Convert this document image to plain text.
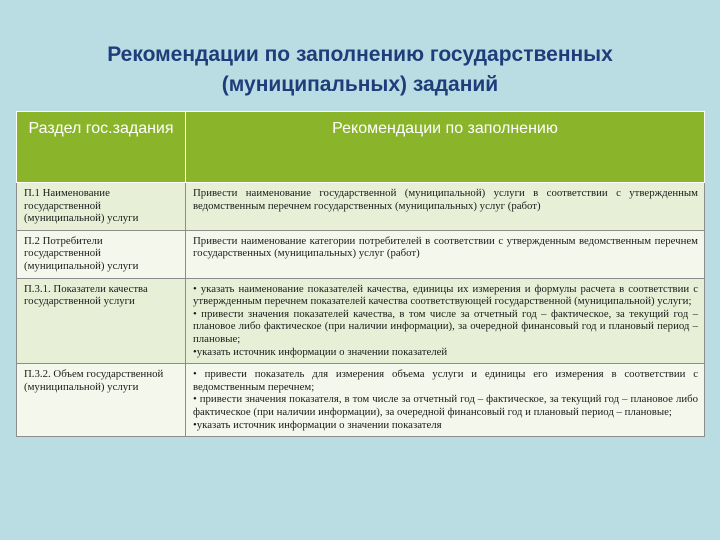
Рекомендации по заполнению государственных
(муниципальных) заданий
Раздел гос.задания	Рекомендации по заполнению
П.1 Наименование государственной (муниципальной) услуги	Привести наименование государственной (муниципальной) услуги в соответствии с утвержденным ведомственным перечнем государственных (муниципальных) услуг (работ)

П.2 Потребители государственной (муниципальной) услуги	Привести наименование категории потребителей в соответствии с утвержденным ведомственным перечнем государственных (муниципальных) услуг (работ)

П.3.1. Показатели качества государственной услуги	• указать наименование показателей качества, единицы их измерения и формулы расчета в соответствии с утвержденным перечнем показателей качества соответствующей государственной (муниципальной) услуги;
• привести значения показателей качества, в том числе за отчетный год – фактическое, за текущий год – плановое либо фактическое (при наличии информации), за очередной финансовый год и плановый период – плановые;
•указать источник информации о значении показателей

П.3.2. Объем государственной (муниципальной) услуги	• привести показатель для измерения объема услуги и единицы его измерения в соответствии с ведомственным перечнем;
• привести значения показателя, в том числе за отчетный год – фактическое, за текущий год – плановое либо фактическое (при наличии информации), за очередной финансовый год и плановый период – плановые;
•указать источник информации о значении показателя
